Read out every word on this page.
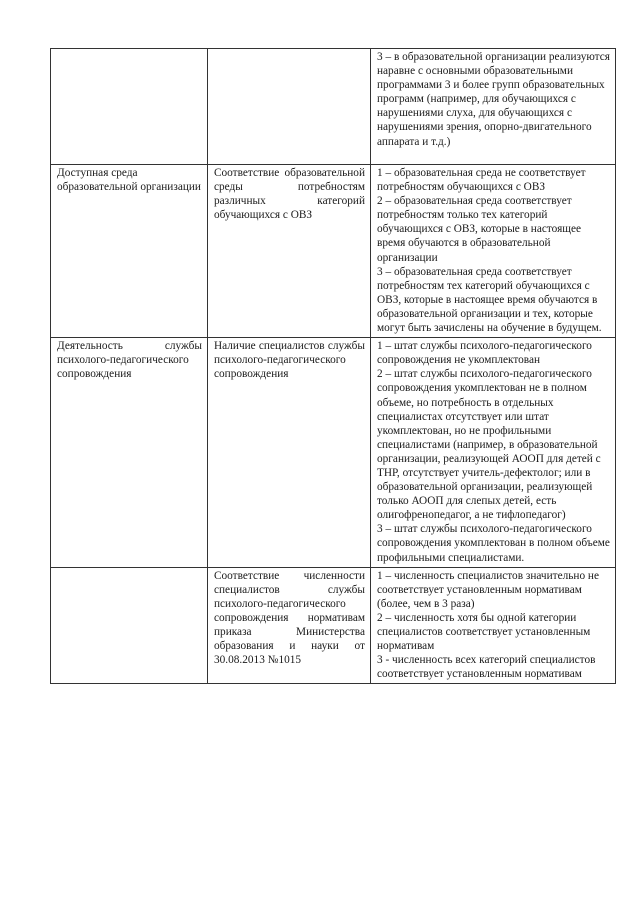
		3 – в образовательной организации реализуются наравне с основными образовательными программами 3 и более групп образовательных программ (например, для обучающихся с нарушениями слуха, для обучающихся с нарушениями зрения, опорно-двигательного аппарата и т.д.)

Доступная среда образовательной организации	Соответствие образовательной среды потребностям различных категорий обучающихся с ОВЗ	1 – образовательная среда не соответствует потребностям обучающихся с ОВЗ
2 – образовательная среда соответствует потребностям только тех категорий обучающихся с ОВЗ, которые в настоящее время обучаются в образовательной организации
3 – образовательная среда соответствует потребностям тех категорий обучающихся с ОВЗ, которые в настоящее время обучаются в образовательной организации и тех, которые могут быть зачислены на обучение в будущем.

Деятельность службы психолого-педагогического сопровождения	Наличие специалистов службы психолого-педагогического сопровождения	1 – штат службы психолого-педагогического сопровождения не укомплектован
2 – штат службы психолого-педагогического сопровождения укомплектован не в полном объеме, но потребность в отдельных специалистах отсутствует или штат укомплектован, но не профильными специалистами (например, в образовательной организации, реализующей АООП для детей с ТНР, отсутствует учитель-дефектолог; или в образовательной организации, реализующей только АООП для слепых детей, есть олигофренопедагог, а не тифлопедагог)
3 – штат службы психолого-педагогического сопровождения укомплектован в полном объеме профильными специалистами.

	Соответствие численности специалистов службы психолого-педагогического сопровождения нормативам приказа Министерства образования и науки от 30.08.2013 №1015	1 – численность специалистов значительно не соответствует установленным нормативам (более, чем в 3 раза)
2 – численность хотя бы одной категории специалистов соответствует установленным нормативам
3 - численность всех категорий специалистов соответствует установленным нормативам
